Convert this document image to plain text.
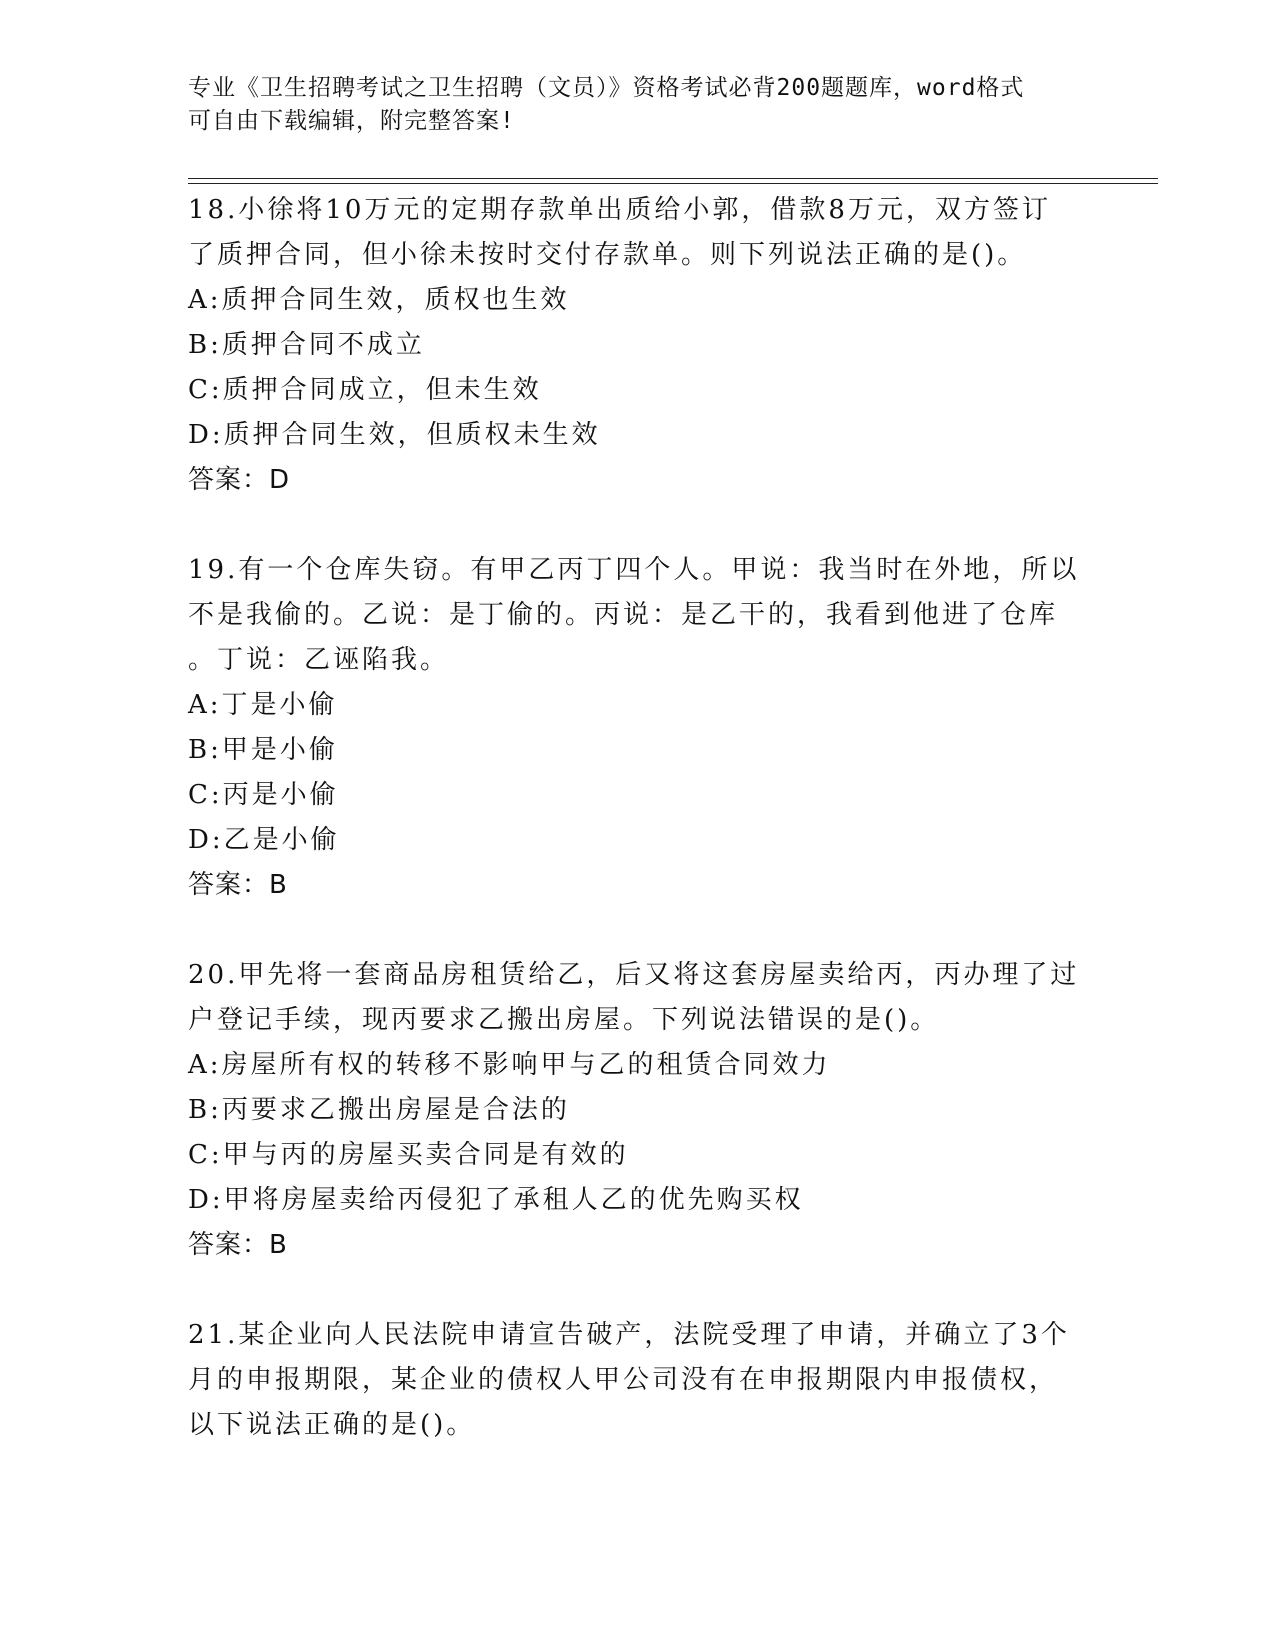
专业《卫生招聘考试之卫生招聘（文员）》资格考试必背200题题库，word格式
可自由下载编辑，附完整答案!

18.小徐将10万元的定期存款单出质给小郭，借款8万元，双方签订

了质押合同，但小徐未按时交付存款单。则下列说法正确的是()。

A:质押合同生效，质权也生效

B:质押合同不成立

C:质押合同成立，但未生效

D:质押合同生效，但质权未生效

答案：D

19.有一个仓库失窃。有甲乙丙丁四个人。甲说：我当时在外地，所以

不是我偷的。乙说：是丁偷的。丙说：是乙干的，我看到他进了仓库

。丁说：乙诬陷我。

A:丁是小偷

B:甲是小偷

C:丙是小偷

D:乙是小偷

答案：B

20.甲先将一套商品房租赁给乙，后又将这套房屋卖给丙，丙办理了过

户登记手续，现丙要求乙搬出房屋。下列说法错误的是()。

A:房屋所有权的转移不影响甲与乙的租赁合同效力

B:丙要求乙搬出房屋是合法的

C:甲与丙的房屋买卖合同是有效的

D:甲将房屋卖给丙侵犯了承租人乙的优先购买权

答案：B

21.某企业向人民法院申请宣告破产，法院受理了申请，并确立了3个

月的申报期限，某企业的债权人甲公司没有在申报期限内申报债权，

以下说法正确的是()。
